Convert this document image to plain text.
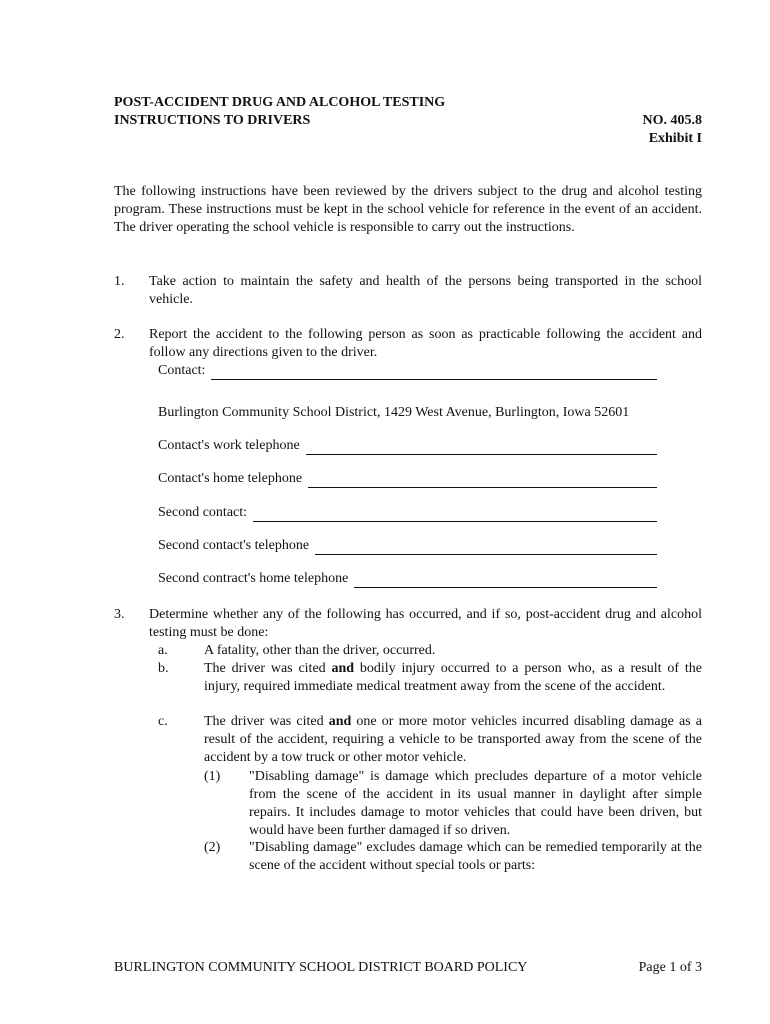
POST-ACCIDENT DRUG AND ALCOHOL TESTING
INSTRUCTIONS TO DRIVERS	NO. 405.8
Exhibit I
The following instructions have been reviewed by the drivers subject to the drug and alcohol testing program. These instructions must be kept in the school vehicle for reference in the event of an accident. The driver operating the school vehicle is responsible to carry out the instructions.
1. Take action to maintain the safety and health of the persons being transported in the school vehicle.
2. Report the accident to the following person as soon as practicable following the accident and follow any directions given to the driver.
Contact:
Burlington Community School District, 1429 West Avenue, Burlington, Iowa 52601
Contact's work telephone
Contact's home telephone
Second contact:
Second contact's telephone
Second contract's home telephone
3. Determine whether any of the following has occurred, and if so, post-accident drug and alcohol testing must be done:
a.	A fatality, other than the driver, occurred.
b.	The driver was cited and bodily injury occurred to a person who, as a result of the injury, required immediate medical treatment away from the scene of the accident.
c.	The driver was cited and one or more motor vehicles incurred disabling damage as a result of the accident, requiring a vehicle to be transported away from the scene of the accident by a tow truck or other motor vehicle.
(1) "Disabling damage" is damage which precludes departure of a motor vehicle from the scene of the accident in its usual manner in daylight after simple repairs. It includes damage to motor vehicles that could have been driven, but would have been further damaged if so driven.
(2) "Disabling damage" excludes damage which can be remedied temporarily at the scene of the accident without special tools or parts:
BURLINGTON COMMUNITY SCHOOL DISTRICT BOARD POLICY	Page 1 of 3
